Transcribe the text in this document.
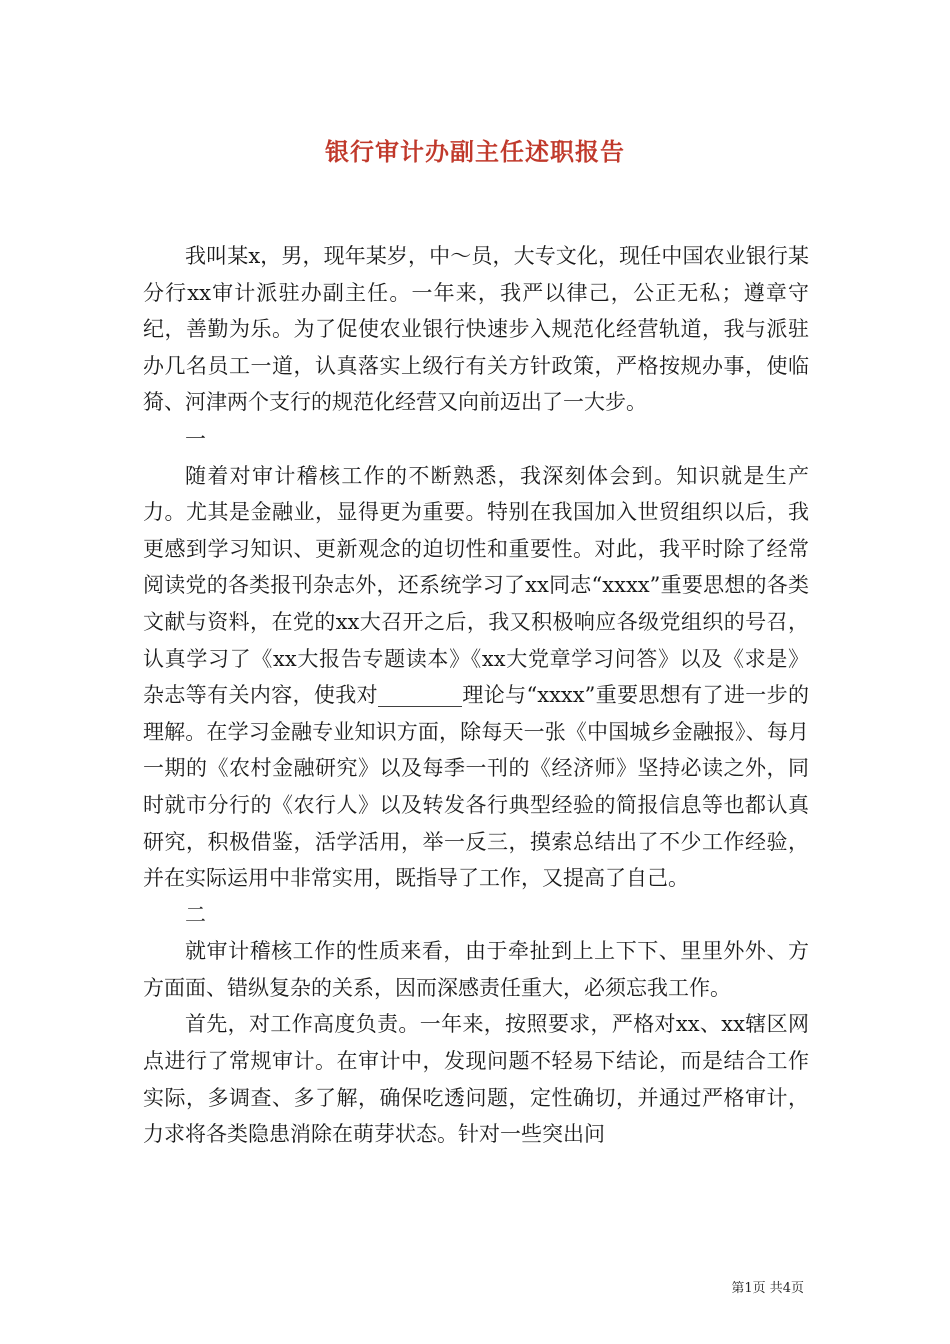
银行审计办副主任述职报告

我叫某x，男，现年某岁，中～员，大专文化，现任中国农业银行某分行xx审计派驻办副主任。一年来，我严以律己，公正无私；遵章守纪，善勤为乐。为了促使农业银行快速步入规范化经营轨道，我与派驻办几名员工一道，认真落实上级行有关方针政策，严格按规办事，使临猗、河津两个支行的规范化经营又向前迈出了一大步。

一

随着对审计稽核工作的不断熟悉，我深刻体会到。知识就是生产力。尤其是金融业，显得更为重要。特别在我国加入世贸组织以后，我更感到学习知识、更新观念的迫切性和重要性。对此，我平时除了经常阅读党的各类报刊杂志外，还系统学习了xx同志“xxxx”重要思想的各类文献与资料，在党的xx大召开之后，我又积极响应各级党组织的号召，认真学习了《xx大报告专题读本》《xx大党章学习问答》以及《求是》杂志等有关内容，使我对________理论与“xxxx”重要思想有了进一步的理解。在学习金融专业知识方面，除每天一张《中国城乡金融报》、每月一期的《农村金融研究》以及每季一刊的《经济师》坚持必读之外，同时就市分行的《农行人》以及转发各行典型经验的简报信息等也都认真研究，积极借鉴，活学活用，举一反三，摸索总结出了不少工作经验，并在实际运用中非常实用，既指导了工作，又提高了自己。

二

就审计稽核工作的性质来看，由于牵扯到上上下下、里里外外、方方面面、错纵复杂的关系，因而深感责任重大，必须忘我工作。

首先，对工作高度负责。一年来，按照要求，严格对xx、xx辖区网点进行了常规审计。在审计中，发现问题不轻易下结论，而是结合工作实际，多调查、多了解，确保吃透问题，定性确切，并通过严格审计，力求将各类隐患消除在萌芽状态。针对一些突出问

第1页 共4页
